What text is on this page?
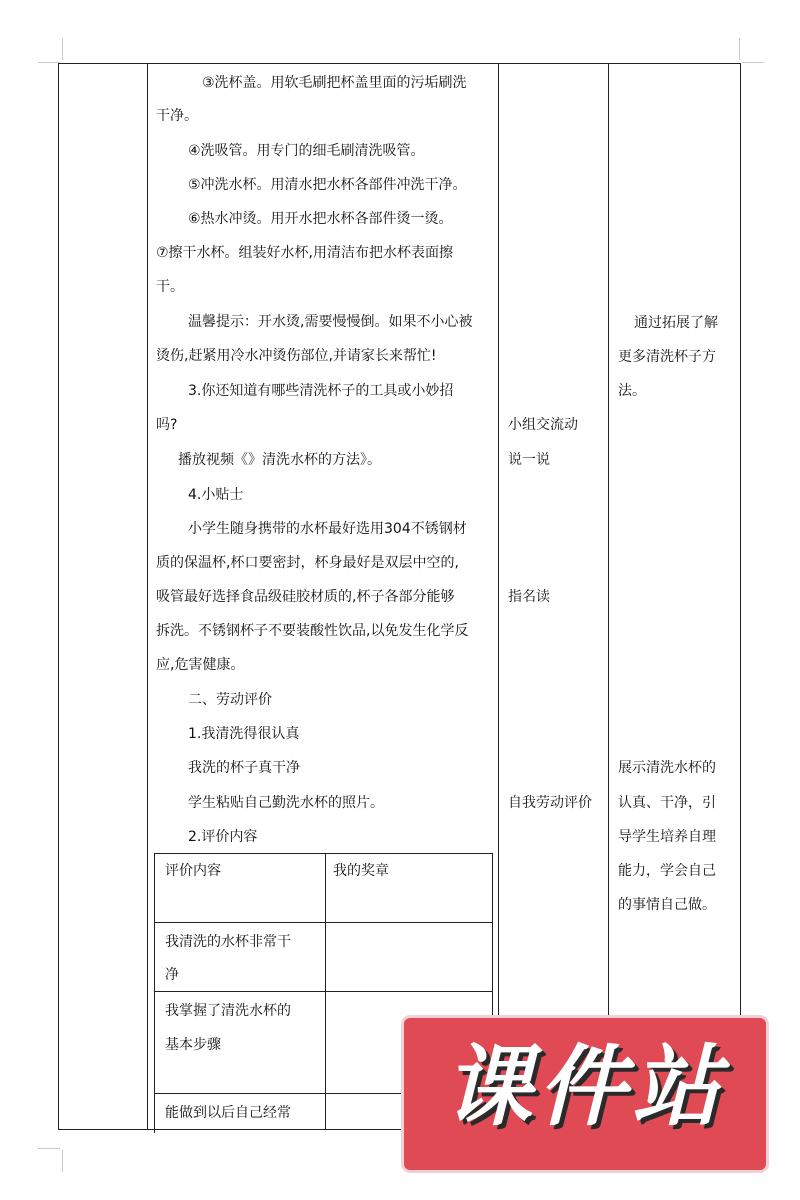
③洗杯盖。用软毛刷把杯盖里面的污垢刷洗

干净。

④洗吸管。用专门的细毛刷清洗吸管。

⑤冲洗水杯。用清水把水杯各部件冲洗干净。

⑥热水冲烫。用开水把水杯各部件烫一烫。

⑦擦干水杯。组装好水杯,用清洁布把水杯表面擦

干。

温馨提示：开水烫,需要慢慢倒。如果不小心被

烫伤,赶紧用冷水冲烫伤部位,并请家长来帮忙!

3.你还知道有哪些清洗杯子的工具或小妙招

吗?

播放视频《》清洗水杯的方法》。

4.小贴士

小学生随身携带的水杯最好选用304不锈钢材

质的保温杯,杯口要密封，杯身最好是双层中空的,

吸管最好选择食品级硅胶材质的,杯子各部分能够

拆洗。不锈钢杯子不要装酸性饮品,以免发生化学反

应,危害健康。

二、劳动评价

1.我清洗得很认真

我洗的杯子真干净

学生粘贴自己勤洗水杯的照片。

2.评价内容

评价内容	我的奖章

我清洗的水杯非常干

净

我掌握了清洗水杯的

基本步骤

能做到以后自己经常

小组交流动

说一说

指名读

自我劳动评价

通过拓展了解

更多清洗杯子方

法。

展示清洗水杯的

认真、干净，引

导学生培养自理

能力，学会自己

的事情自己做。

课件站
